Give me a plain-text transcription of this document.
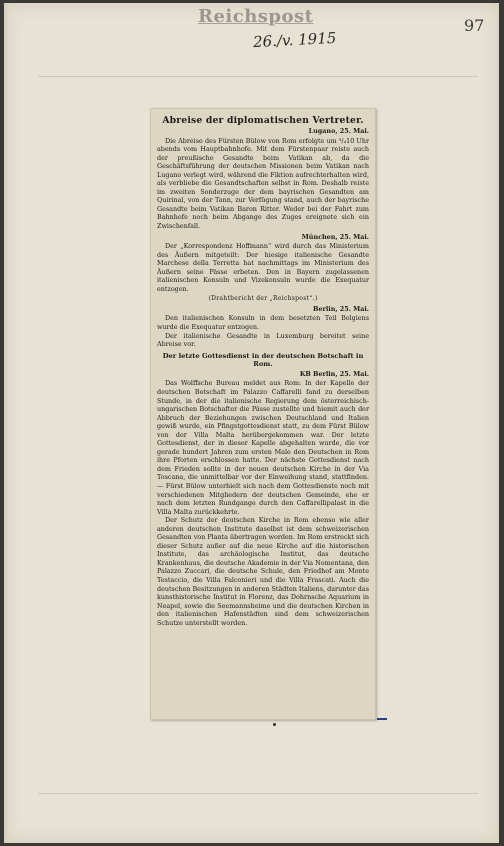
Reichspost
26./v. 1915
97
Abreise der diplomatischen Vertreter.
Lugano, 25. Mai.

Die Abreise des Fürsten Bülow von Rom erfolgte um ³/₄10 Uhr abends vom Hauptbahnhofe. Mit dem Fürstenpaar reiste auch der preußische Gesandte beim Vatikan ab, da die Geschäftsführung der deutschen Missionen beim Vatikan nach Lugano verlegt wird, während die Fiktion aufrechterhalten wird, als verbliebe die Gesandtschaften selbst in Rom. Deshalb reiste im zweiten Sonderzuge der dem bayrischen Gesandten am Quirinal, von der Tann, zur Verfügung stand, auch der bayrische Gesandte beim Vatikan Baron Ritter. Weder bei der Fahrt zum Bahnhofe noch beim Abgange des Zuges ereignete sich ein Zwischenfall.

München, 25. Mai.

Der „Korrespondenz Hoffmann“ wird durch das Ministerium des Äußern mitgeteilt: Der hiesige italienische Gesandte Marchese della Terretta hat nachmittags im Ministerium des Äußern seine Pässe erbeten. Den in Bayern zugelassenen italienischen Konsuln und Vizekonsuln wurde die Exequatur entzogen.

(Drahtbericht der „Reichspost“.)
Berlin, 25. Mai.

Den italienischen Konsuln in dem besetzten Teil Belgiens wurde die Exequatur entzogen.

Der italienische Gesandte in Luxemburg bereitet seine Abreise vor.

Der letzte Gottesdienst in der deutschen Botschaft in Rom.
KB Berlin, 25. Mai.

Das Wolffsche Bureau meldet aus Rom: In der Kapelle der deutschen Botschaft im Palazzo Caffarelli fand zu derselben Stunde, in der die italienische Regierung dem österreichisch-ungarischen Botschafter die Pässe zustellte und hiemit auch der Abbruch der Beziehungen zwischen Deutschland und Italien gewiß wurde, ein Pfingstgottesdienst statt, zu dem Fürst Bülow von der Villa Malta herübergekommen war. Der letzte Gottesdienst, der in dieser Kapelle abgehalten wurde, die vor gerade hundert Jahren zum ersten Male den Deutschen in Rom ihre Pforten erschlossen hatte. Der nächste Gottesdienst nach dem Frieden sollte in der neuen deutschen Kirche in der Via Toscana, die unmittelbar vor der Einweihung stand, stattfinden. — Fürst Bülow unterhielt sich nach dem Gottesdienste noch mit verschiedenen Mitgliedern der deutschen Gemeinde, ehe er nach dem letzten Rundgange durch den Caffarellipalast in die Villa Malta zurückkehrte.

Der Schutz der deutschen Kirche in Rom ebenso wie aller anderen deutschen Institute daselbst ist dem schweizerischen Gesandten von Planta übertragen worden. Im Rom erstreckt sich dieser Schutz außer auf die neue Kirche auf die historischen Institute, das archäologische Institut, das deutsche Krankenhaus, die deutsche Akademie in der Via Nomentana, den Palazzo Zuccari, die deutsche Schule, den Friedhof am Monte Testaccio, die Villa Falconieri und die Villa Frascati. Auch die deutschen Besitzungen in anderen Städten Italiens, darunter das kunsthistorische Institut in Florenz, das Dohrnsche Aquarium in Neapel, sowie die Seemannsheime und die deutschen Kirchen in den italienischen Hafenstädten sind dem schweizerischen Schutze unterstellt worden.
